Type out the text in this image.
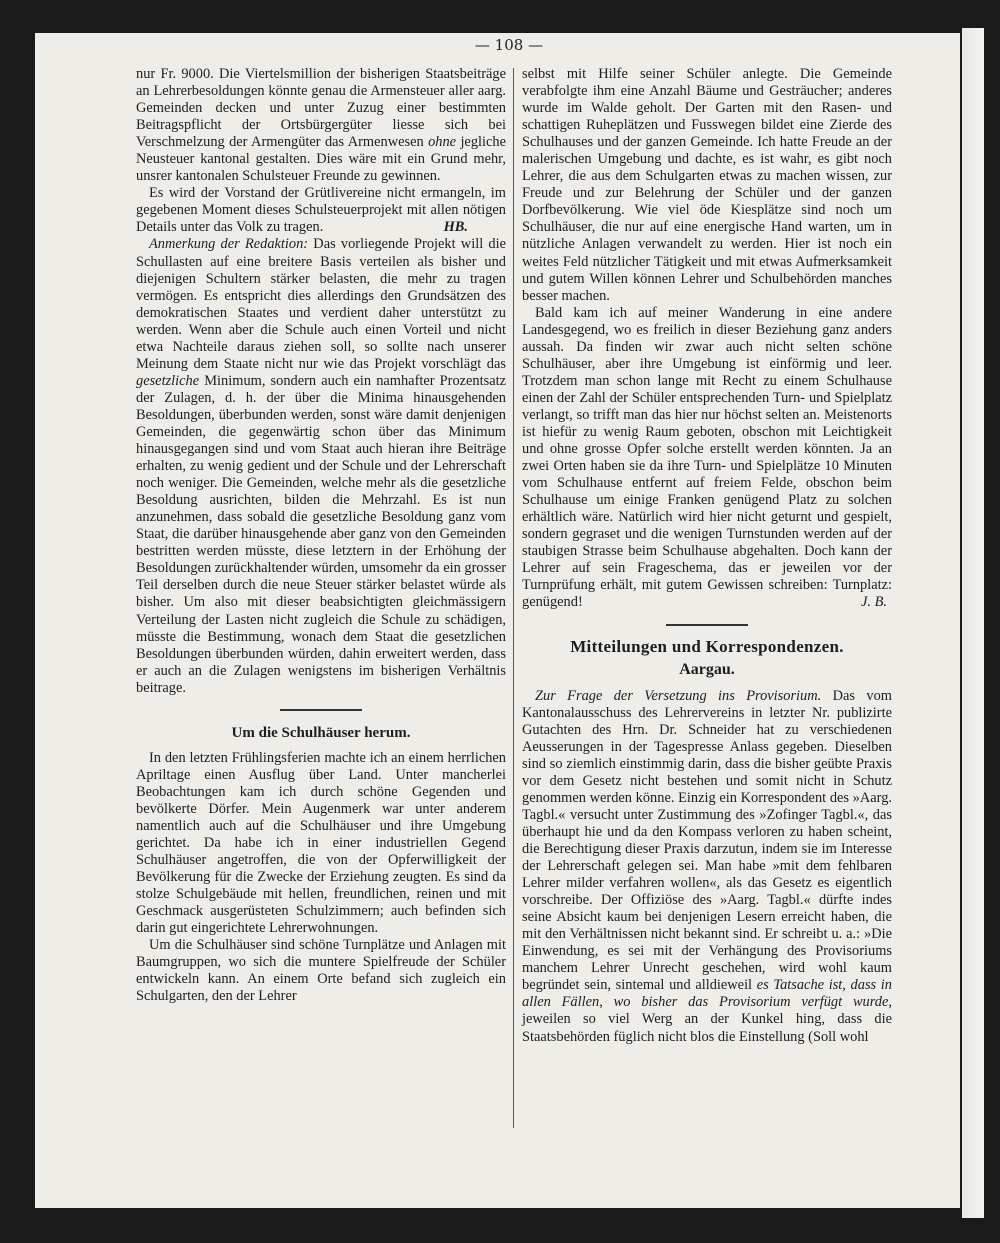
— 108 —

nur Fr. 9000. Die Viertelsmillion der bisherigen Staatsbeiträge an Lehrerbesoldungen könnte genau die Armensteuer aller aarg. Gemeinden decken und unter Zuzug einer bestimmten Beitragspflicht der Ortsbürgergüter liesse sich bei Verschmelzung der Armengüter das Armenwesen ohne jegliche Neusteuer kantonal gestalten. Dies wäre mit ein Grund mehr, unsrer kantonalen Schulsteuer Freunde zu gewinnen.

Es wird der Vorstand der Grütlivereine nicht ermangeln, im gegebenen Moment dieses Schulsteuerprojekt mit allen nötigen Details unter das Volk zu tragen.	HB.

Anmerkung der Redaktion: Das vorliegende Projekt will die Schullasten auf eine breitere Basis verteilen als bisher und diejenigen Schultern stärker belasten, die mehr zu tragen vermögen. Es entspricht dies allerdings den Grundsätzen des demokratischen Staates und verdient daher unterstützt zu werden. Wenn aber die Schule auch einen Vorteil und nicht etwa Nachteile daraus ziehen soll, so sollte nach unserer Meinung dem Staate nicht nur wie das Projekt vorschlägt das gesetzliche Minimum, sondern auch ein namhafter Prozentsatz der Zulagen, d. h. der über die Minima hinausgehenden Besoldungen, überbunden werden, sonst wäre damit denjenigen Gemeinden, die gegenwärtig schon über das Minimum hinausgegangen sind und vom Staat auch hieran ihre Beiträge erhalten, zu wenig gedient und der Schule und der Lehrerschaft noch weniger. Die Gemeinden, welche mehr als die gesetzliche Besoldung ausrichten, bilden die Mehrzahl. Es ist nun anzunehmen, dass sobald die gesetzliche Besoldung ganz vom Staat, die darüber hinausgehende aber ganz von den Gemeinden bestritten werden müsste, diese letztern in der Erhöhung der Besoldungen zurückhaltender würden, umsomehr da ein grosser Teil derselben durch die neue Steuer stärker belastet würde als bisher. Um also mit dieser beabsichtigten gleichmässigern Verteilung der Lasten nicht zugleich die Schule zu schädigen, müsste die Bestimmung, wonach dem Staat die gesetzlichen Besoldungen überbunden würden, dahin erweitert werden, dass er auch an die Zulagen wenigstens im bisherigen Verhältnis beitrage.

Um die Schulhäuser herum.

In den letzten Frühlingsferien machte ich an einem herrlichen Apriltage einen Ausflug über Land. Unter mancherlei Beobachtungen kam ich durch schöne Gegenden und bevölkerte Dörfer. Mein Augenmerk war unter anderem namentlich auch auf die Schulhäuser und ihre Umgebung gerichtet. Da habe ich in einer industriellen Gegend Schulhäuser angetroffen, die von der Opferwilligkeit der Bevölkerung für die Zwecke der Erziehung zeugten. Es sind da stolze Schulgebäude mit hellen, freundlichen, reinen und mit Geschmack ausgerüsteten Schulzimmern; auch befinden sich darin gut eingerichtete Lehrerwohnungen.

Um die Schulhäuser sind schöne Turnplätze und Anlagen mit Baumgruppen, wo sich die muntere Spielfreude der Schüler entwickeln kann. An einem Orte befand sich zugleich ein Schulgarten, den der Lehrer

selbst mit Hilfe seiner Schüler anlegte. Die Gemeinde verabfolgte ihm eine Anzahl Bäume und Gesträucher; anderes wurde im Walde geholt. Der Garten mit den Rasen- und schattigen Ruheplätzen und Fusswegen bildet eine Zierde des Schulhauses und der ganzen Gemeinde. Ich hatte Freude an der malerischen Umgebung und dachte, es ist wahr, es gibt noch Lehrer, die aus dem Schulgarten etwas zu machen wissen, zur Freude und zur Belehrung der Schüler und der ganzen Dorfbevölkerung. Wie viel öde Kiesplätze sind noch um Schulhäuser, die nur auf eine energische Hand warten, um in nützliche Anlagen verwandelt zu werden. Hier ist noch ein weites Feld nützlicher Tätigkeit und mit etwas Aufmerksamkeit und gutem Willen können Lehrer und Schulbehörden manches besser machen.

Bald kam ich auf meiner Wanderung in eine andere Landesgegend, wo es freilich in dieser Beziehung ganz anders aussah. Da finden wir zwar auch nicht selten schöne Schulhäuser, aber ihre Umgebung ist einförmig und leer. Trotzdem man schon lange mit Recht zu einem Schulhause einen der Zahl der Schüler entsprechenden Turn- und Spielplatz verlangt, so trifft man das hier nur höchst selten an. Meistenorts ist hiefür zu wenig Raum geboten, obschon mit Leichtigkeit und ohne grosse Opfer solche erstellt werden könnten. Ja an zwei Orten haben sie da ihre Turn- und Spielplätze 10 Minuten vom Schulhause entfernt auf freiem Felde, obschon beim Schulhause um einige Franken genügend Platz zu solchen erhältlich wäre. Natürlich wird hier nicht geturnt und gespielt, sondern gegraset und die wenigen Turnstunden werden auf der staubigen Strasse beim Schulhause abgehalten. Doch kann der Lehrer auf sein Frageschema, das er jeweilen vor der Turnprüfung erhält, mit gutem Gewissen schreiben: Turnplatz: genügend!	J. B.

Mitteilungen und Korrespondenzen.
Aargau.

Zur Frage der Versetzung ins Provisorium. Das vom Kantonalausschuss des Lehrervereins in letzter Nr. publizirte Gutachten des Hrn. Dr. Schneider hat zu verschiedenen Aeusserungen in der Tagespresse Anlass gegeben. Dieselben sind so ziemlich einstimmig darin, dass die bisher geübte Praxis vor dem Gesetz nicht bestehen und somit nicht in Schutz genommen werden könne. Einzig ein Korrespondent des »Aarg. Tagbl.« versucht unter Zustimmung des »Zofinger Tagbl.«, das überhaupt hie und da den Kompass verloren zu haben scheint, die Berechtigung dieser Praxis darzutun, indem sie im Interesse der Lehrerschaft gelegen sei. Man habe »mit dem fehlbaren Lehrer milder verfahren wollen«, als das Gesetz es eigentlich vorschreibe. Der Offiziöse des »Aarg. Tagbl.« dürfte indes seine Absicht kaum bei denjenigen Lesern erreicht haben, die mit den Verhältnissen nicht bekannt sind. Er schreibt u. a.: »Die Einwendung, es sei mit der Verhängung des Provisoriums manchem Lehrer Unrecht geschehen, wird wohl kaum begründet sein, sintemal und alldieweil es Tatsache ist, dass in allen Fällen, wo bisher das Provisorium verfügt wurde, jeweilen so viel Werg an der Kunkel hing, dass die Staatsbehörden füglich nicht blos die Einstellung (Soll wohl
